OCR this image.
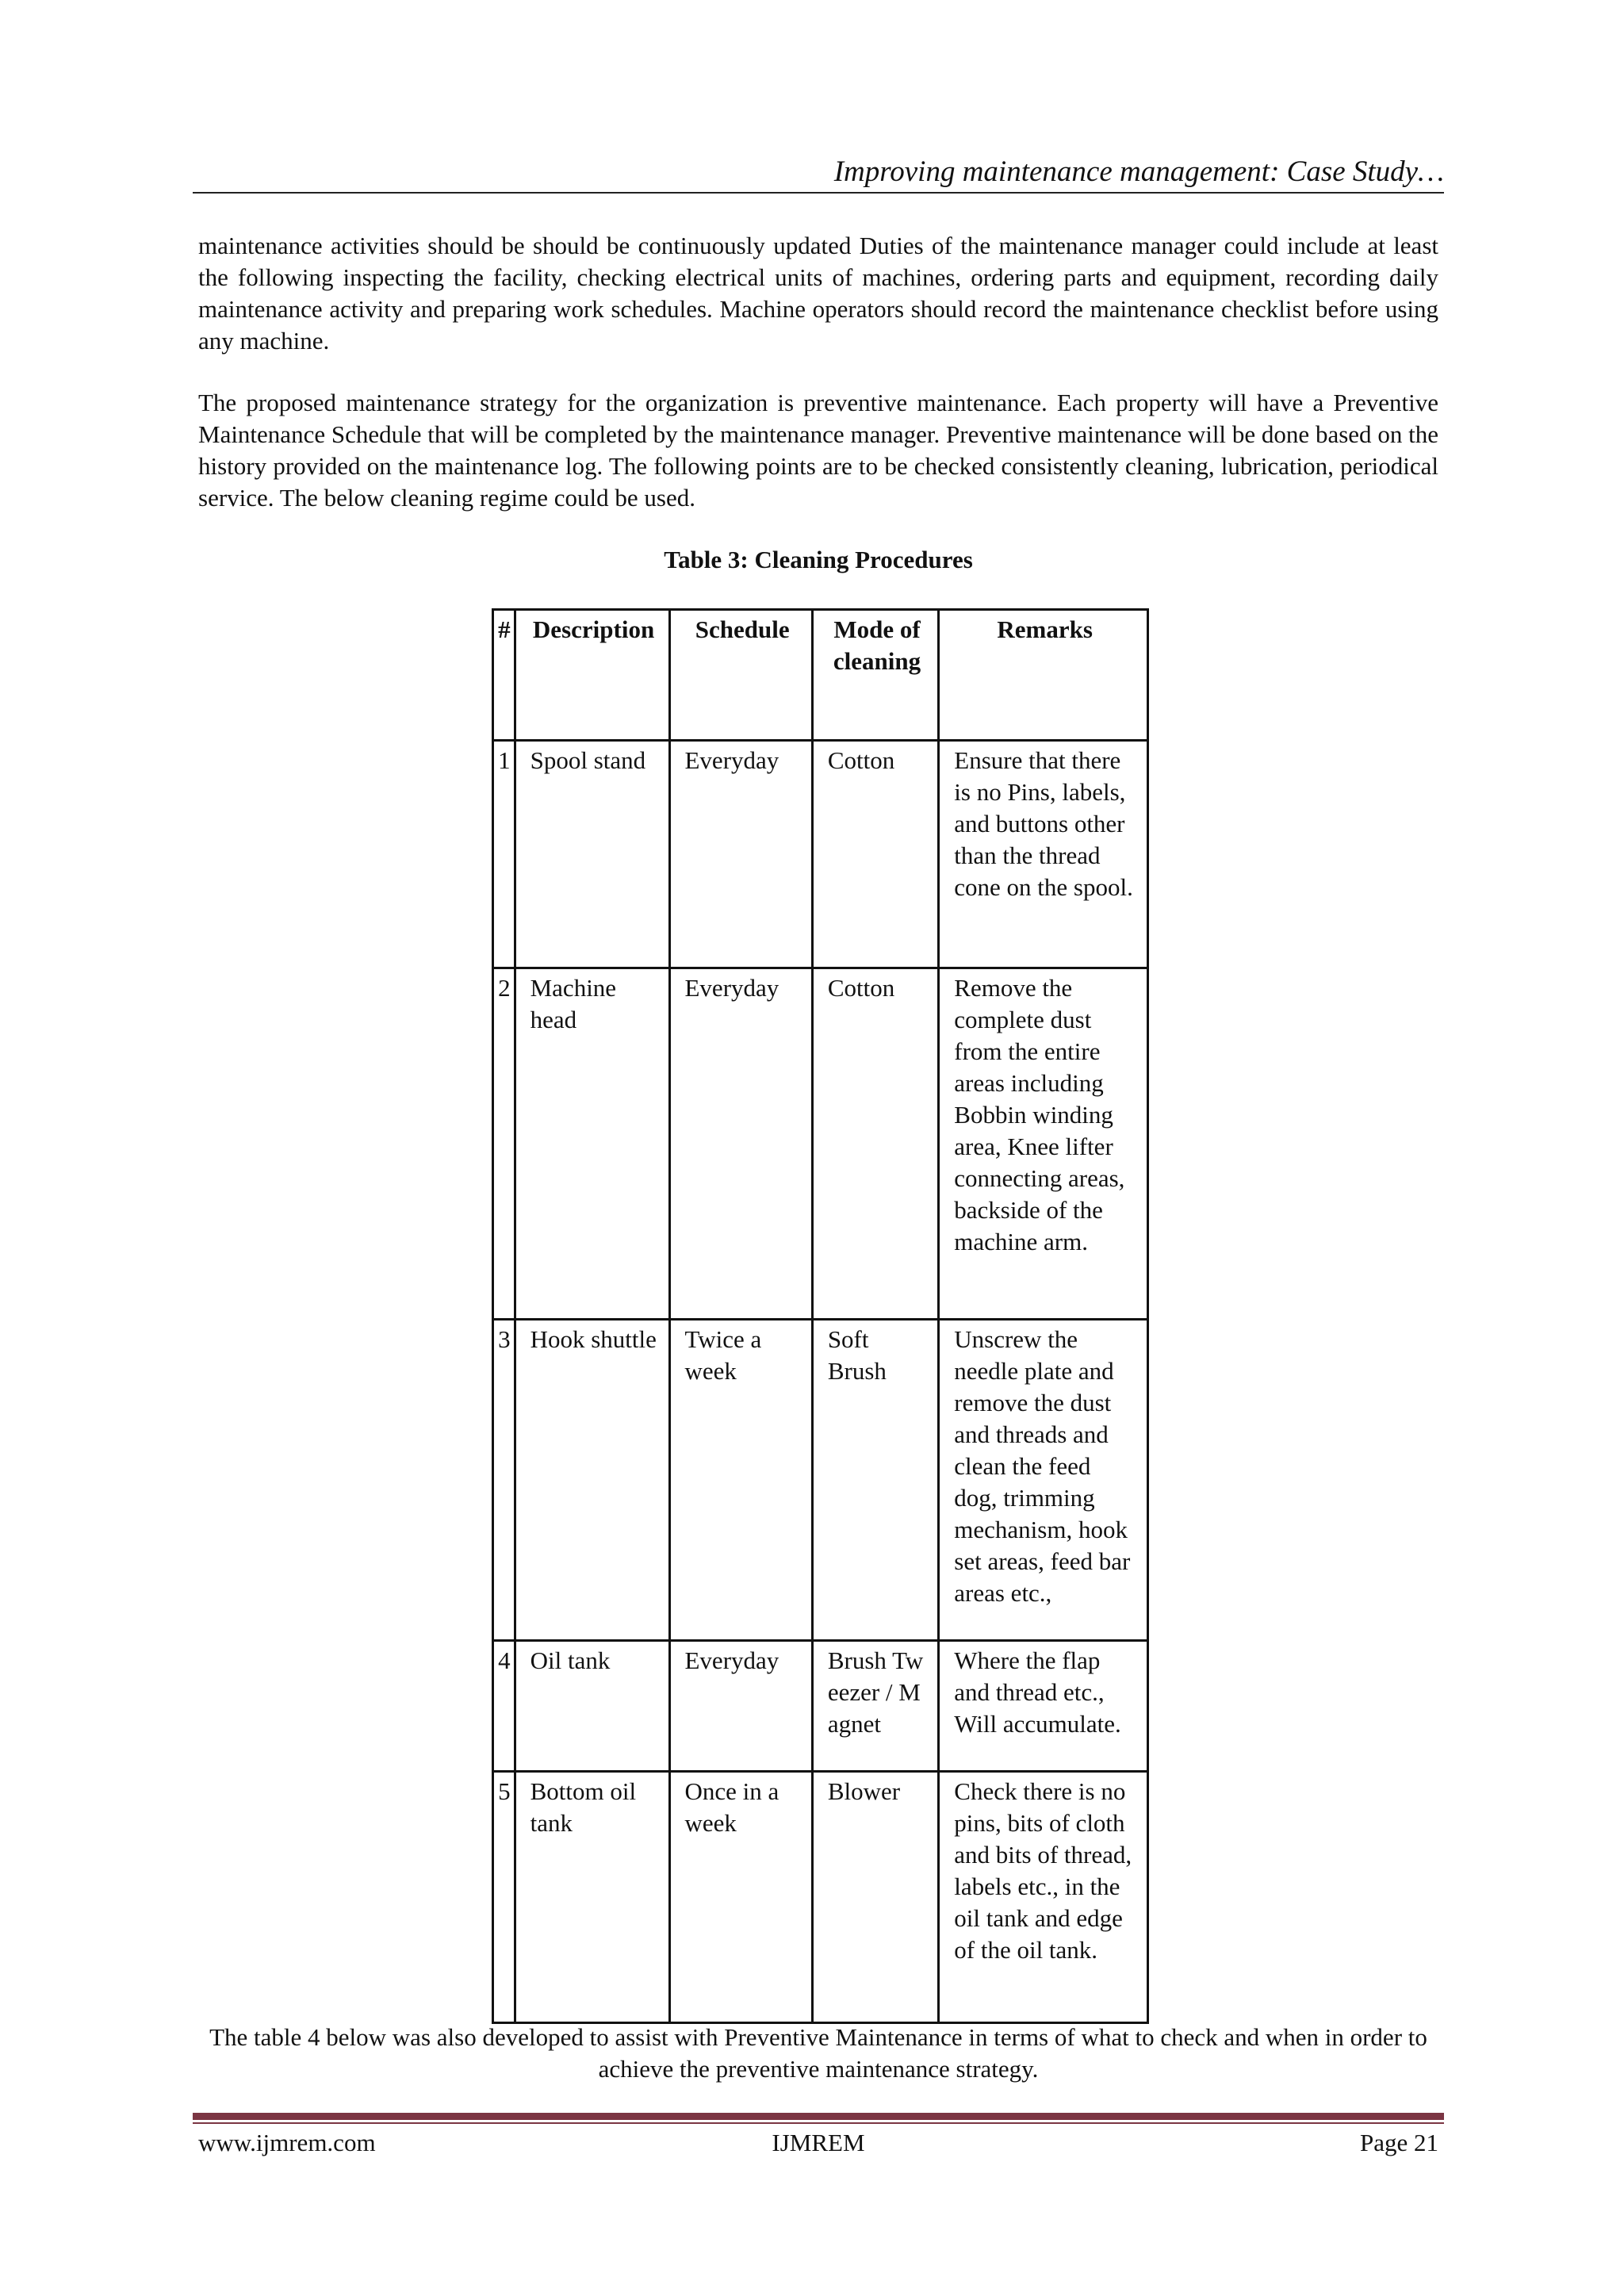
Improving maintenance management: Case Study…

maintenance activities should be should be continuously updated Duties of the maintenance manager could include at least the following inspecting the facility, checking electrical units of machines, ordering parts and equipment, recording daily maintenance activity and preparing work schedules. Machine operators should record the maintenance checklist before using any machine.

The proposed maintenance strategy for the organization is preventive maintenance. Each property will have a Preventive Maintenance Schedule that will be completed by the maintenance manager. Preventive maintenance will be done based on the history provided on the maintenance log. The following points are to be checked consistently cleaning, lubrication, periodical service. The below cleaning regime could be used.

Table 3: Cleaning Procedures
#	Description	Schedule	Mode of cleaning	Remarks
1	Spool stand	Everyday	Cotton	Ensure that there is no Pins, labels, and buttons other than the thread cone on the spool.
2	Machine head	Everyday	Cotton	Remove the complete dust from the entire areas including Bobbin winding area, Knee lifter connecting areas, backside of the machine arm.
3	Hook shuttle	Twice a week	Soft Brush	Unscrew the needle plate and remove the dust and threads and clean the feed dog, trimming mechanism, hook set areas, feed bar areas etc.,
4	Oil tank	Everyday	Brush Tweezer / Magnet	Where the flap and thread etc., Will accumulate.
5	Bottom oil tank	Once in a week	Blower	Check there is no pins, bits of cloth and bits of thread, labels etc., in the oil tank and edge of the oil tank.
The table 4 below was also developed to assist with Preventive Maintenance in terms of what to check and when in order to achieve the preventive maintenance strategy.
IJMREM
www.ijmrem.com	Page 21
